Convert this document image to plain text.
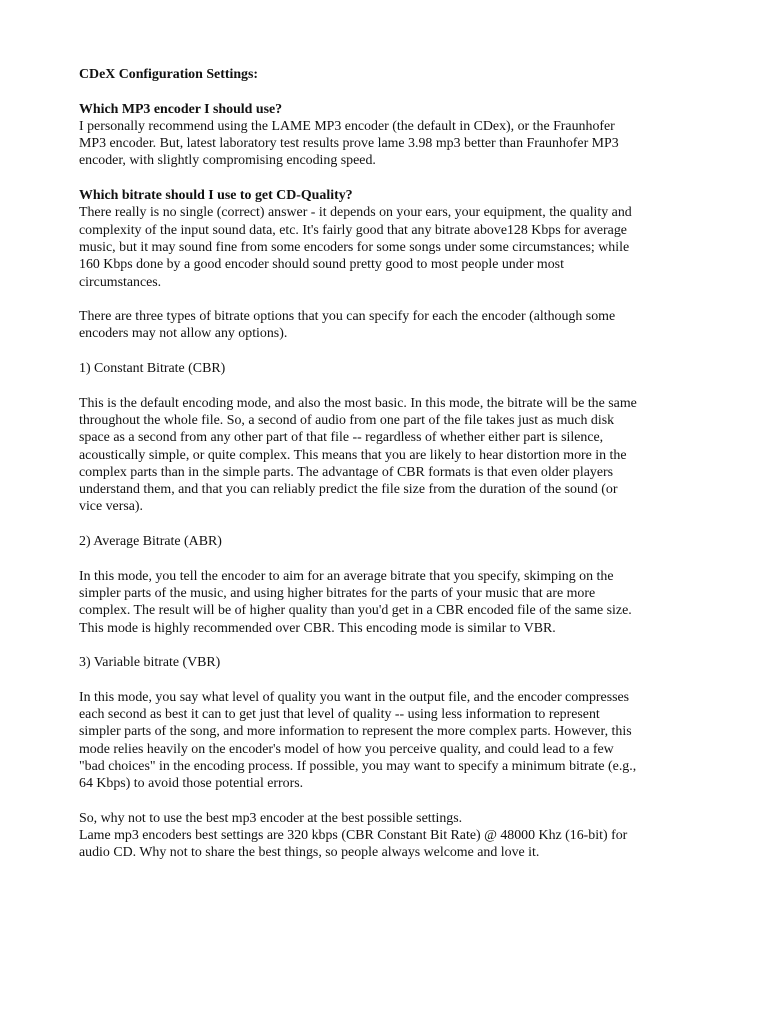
CDeX Configuration Settings:

Which MP3 encoder I should use?

I personally recommend using the LAME MP3 encoder (the default in CDex), or the Fraunhofer
MP3 encoder. But, latest laboratory test results prove lame 3.98 mp3 better than Fraunhofer MP3
encoder, with slightly compromising encoding speed.

Which bitrate should I use to get CD-Quality?

There really is no single (correct) answer - it depends on your ears, your equipment, the quality and
complexity of the input sound data, etc. It's fairly good that any bitrate above128 Kbps for average
music, but it may sound fine from some encoders for some songs under some circumstances; while
160 Kbps done by a good encoder should sound pretty good to most people under most
circumstances.

There are three types of bitrate options that you can specify for each the encoder (although some
encoders may not allow any options).

1) Constant Bitrate (CBR)

This is the default encoding mode, and also the most basic. In this mode, the bitrate will be the same
throughout the whole file. So, a second of audio from one part of the file takes just as much disk
space as a second from any other part of that file -- regardless of whether either part is silence,
acoustically simple, or quite complex. This means that you are likely to hear distortion more in the
complex parts than in the simple parts. The advantage of CBR formats is that even older players
understand them, and that you can reliably predict the file size from the duration of the sound (or
vice versa).

2) Average Bitrate (ABR)

In this mode, you tell the encoder to aim for an average bitrate that you specify, skimping on the
simpler parts of the music, and using higher bitrates for the parts of your music that are more
complex. The result will be of higher quality than you'd get in a CBR encoded file of the same size.
This mode is highly recommended over CBR. This encoding mode is similar to VBR.

3) Variable bitrate (VBR)

In this mode, you say what level of quality you want in the output file, and the encoder compresses
each second as best it can to get just that level of quality -- using less information to represent
simpler parts of the song, and more information to represent the more complex parts. However, this
mode relies heavily on the encoder's model of how you perceive quality, and could lead to a few
"bad choices" in the encoding process. If possible, you may want to specify a minimum bitrate (e.g.,
64 Kbps) to avoid those potential errors.

So, why not to use the best mp3 encoder at the best possible settings.
Lame mp3 encoders best settings are 320 kbps (CBR Constant Bit Rate) @ 48000 Khz (16-bit) for
audio CD. Why not to share the best things, so people always welcome and love it.
